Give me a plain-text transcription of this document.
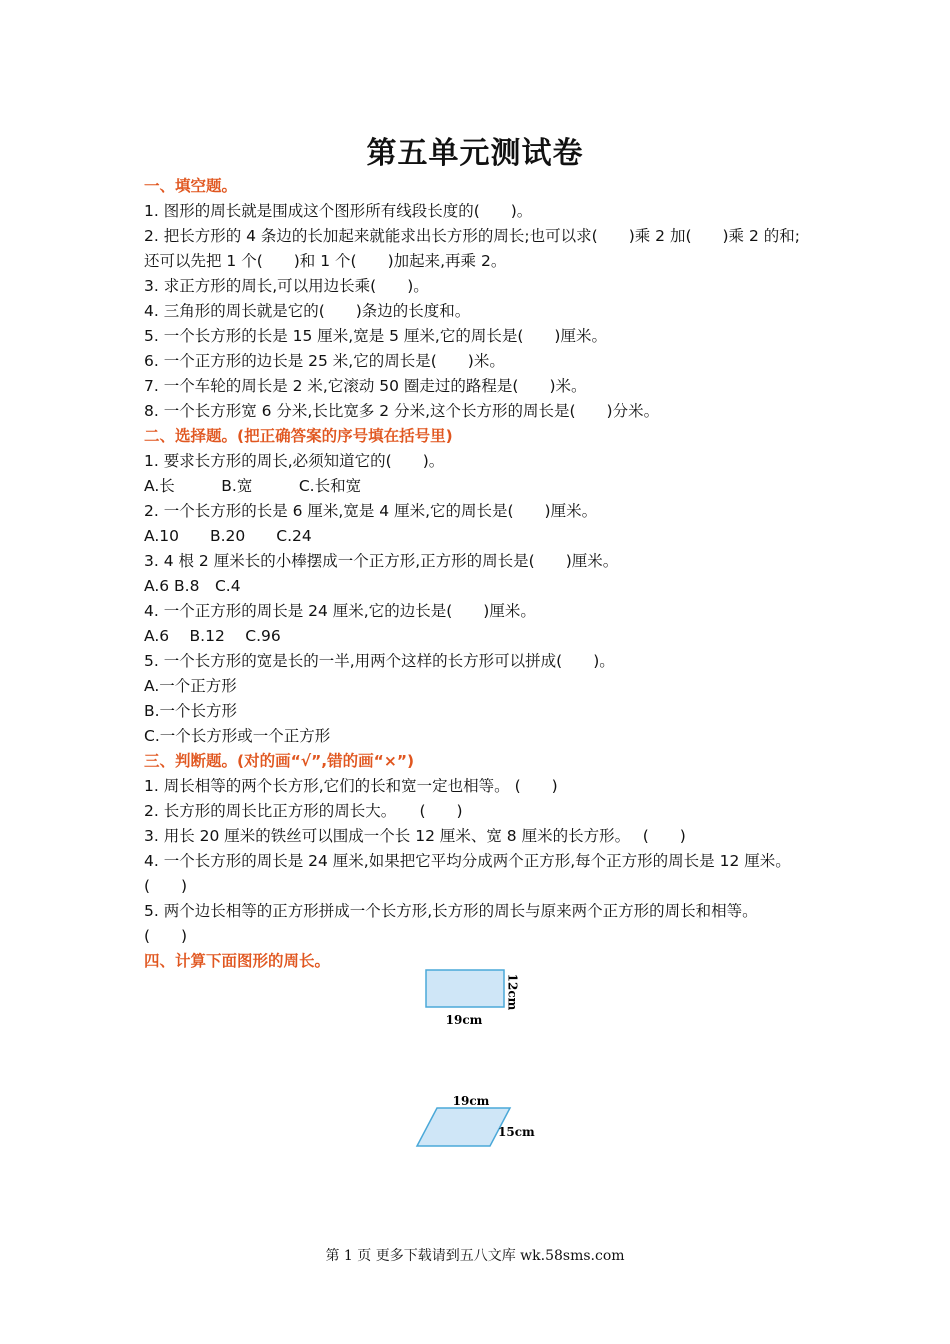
第五单元测试卷
一、填空题。
1. 图形的周长就是围成这个图形所有线段长度的(　　)。
2. 把长方形的 4 条边的长加起来就能求出长方形的周长;也可以求(　　)乘 2 加(　　)乘 2 的和;还可以先把 1 个(　　)和 1 个(　　)加起来,再乘 2。
3. 求正方形的周长,可以用边长乘(　　)。
4. 三角形的周长就是它的(　　)条边的长度和。
5. 一个长方形的长是 15 厘米,宽是 5 厘米,它的周长是(　　)厘米。
6. 一个正方形的边长是 25 米,它的周长是(　　)米。
7. 一个车轮的周长是 2 米,它滚动 50 圈走过的路程是(　　)米。
8. 一个长方形宽 6 分米,长比宽多 2 分米,这个长方形的周长是(　　)分米。
二、选择题。(把正确答案的序号填在括号里)
1. 要求长方形的周长,必须知道它的(　　)。
A.长　　　B.宽　　　C.长和宽
2. 一个长方形的长是 6 厘米,宽是 4 厘米,它的周长是(　　)厘米。
A.10　　B.20　　C.24
3. 4 根 2 厘米长的小棒摆成一个正方形,正方形的周长是(　　)厘米。
A.6 B.8　C.4
4. 一个正方形的周长是 24 厘米,它的边长是(　　)厘米。
A.6　 B.12　 C.96
5. 一个长方形的宽是长的一半,用两个这样的长方形可以拼成(　　)。
A.一个正方形
B.一个长方形
C.一个长方形或一个正方形
三、判断题。(对的画“√”,错的画“×”)
1. 周长相等的两个长方形,它们的长和宽一定也相等。 (　　)
2. 长方形的周长比正方形的周长大。　　(　　)
3. 用长 20 厘米的铁丝可以围成一个长 12 厘米、宽 8 厘米的长方形。　 (　　)
4. 一个长方形的周长是 24 厘米,如果把它平均分成两个正方形,每个正方形的周长是 12 厘米。　 (　　)
5. 两个边长相等的正方形拼成一个长方形,长方形的周长与原来两个正方形的周长和相等。　　(　　)
四、计算下面图形的周长。
19cm
12cm
19cm
15cm
第 1 页 更多下载请到五八文库 wk.58sms.com
